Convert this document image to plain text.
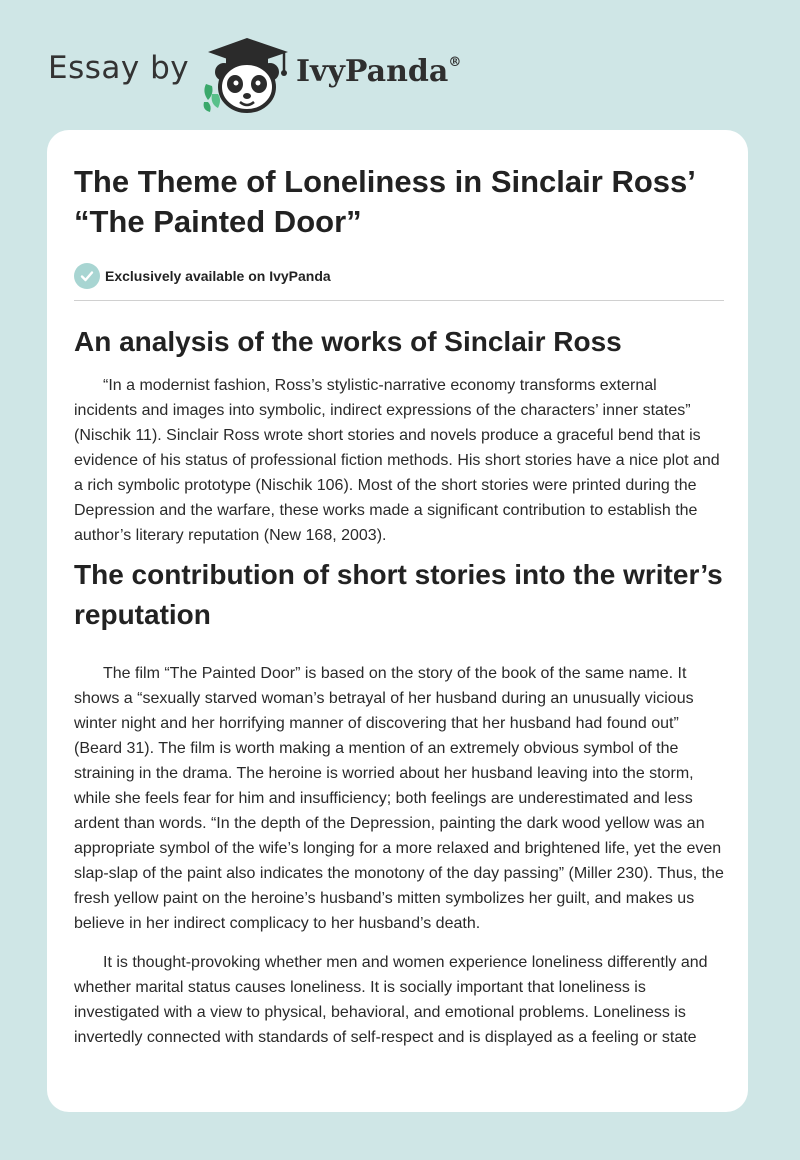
Essay by	IvyPanda®
The Theme of Loneliness in Sinclair Ross’ “The Painted Door”
Exclusively available on IvyPanda
An analysis of the works of Sinclair Ross

“In a modernist fashion, Ross’s stylistic-narrative economy transforms external incidents and images into symbolic, indirect expressions of the characters’ inner states” (Nischik 11). Sinclair Ross wrote short stories and novels produce a graceful bend that is evidence of his status of professional fiction methods. His short stories have a nice plot and a rich symbolic prototype (Nischik 106). Most of the short stories were printed during the Depression and the warfare, these works made a significant contribution to establish the author’s literary reputation (New 168, 2003).

The contribution of short stories into the writer’s reputation

The film “The Painted Door” is based on the story of the book of the same name. It shows a “sexually starved woman’s betrayal of her husband during an unusually vicious winter night and her horrifying manner of discovering that her husband had found out” (Beard 31). The film is worth making a mention of an extremely obvious symbol of the straining in the drama. The heroine is worried about her husband leaving into the storm, while she feels fear for him and insufficiency; both feelings are underestimated and less ardent than words. “In the depth of the Depression, painting the dark wood yellow was an appropriate symbol of the wife’s longing for a more relaxed and brightened life, yet the even slap-slap of the paint also indicates the monotony of the day passing” (Miller 230). Thus, the fresh yellow paint on the heroine’s husband’s mitten symbolizes her guilt, and makes us believe in her indirect complicacy to her husband’s death.

It is thought-provoking whether men and women experience loneliness differently and whether marital status causes loneliness. It is socially important that loneliness is investigated with a view to physical, behavioral, and emotional problems. Loneliness is invertedly connected with standards of self-respect and is displayed as a feeling or state
